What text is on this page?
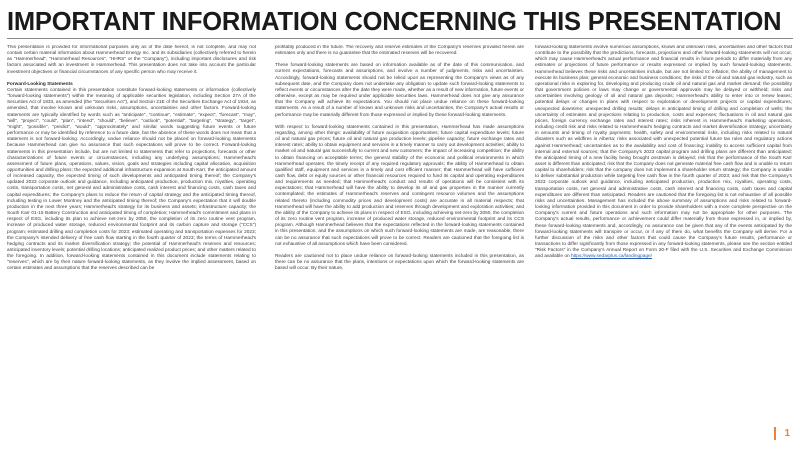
IMPORTANT INFORMATION CONCERNING THIS PRESENTATION

This presentation is provided for informational purposes only as of the date hereof, is not complete, and may not contain certain material information about Hammerhead Energy Inc. and its subsidiaries (collectively referred to herein as "Hammerhead", "Hammerhead Resources", "HHRS" or the "Company"), including important disclosures and risk factors associated with an investment in Hammerhead. This presentation does not take into account the particular investment objectives or financial circumstances of any specific person who may receive it.

Forward-Looking Statements

Certain statements contained in this presentation constitute forward-looking statements or information (collectively "forward-looking statements") within the meaning of applicable securities legislation, including Section 27A of the Securities Act of 1933, as amended (the "Securities Act"), and Section 21E of the Securities Exchange Act of 1934, as amended, that involve known and unknown risks, assumptions, uncertainties and other factors. Forward-looking statements are typically identified by words such as "anticipate", "continue", "estimate", "expect", "forecast", "may", "will", "project", "could", "plan", "intend", "should", "believe", "outlook", "potential", "targeting", "strategy", "target", "might", "possible", "predict", "would", "approximately" and similar words suggesting future events or future performance or may be identified by reference to a future date, but the absence of these words does not mean that a statement is not forward-looking. Accordingly, undue reliance should not be placed on forward-looking statements because Hammerhead can give no assurance that such expectations will prove to be correct. Forward-looking statements in this presentation include, but are not limited to statements that refer to projections, forecasts or other characterizations of future events or circumstances, including any underlying assumptions; Hammerhead's assessment of future plans, operations, values, vision, goals and strategies including capital allocation, acquisition opportunities and drilling plans; the expected additional infrastructure expansion at South Karr, the anticipated amount of increased capacity, the expected timing of such developments and anticipated timing thereof; the Company's updated 2023 corporate outlook and guidance, including anticipated production, production mix, royalties, operating costs, transportation costs, net general and administrative costs, cash interest and financing costs, cash taxes and capital expenditures; the Company's plans to reduce the return of capital strategy and the anticipated timing thereof, including testing in Lower Montney and the anticipated timing thereof; the Company's expectation that it will double production in the next three years; Hammerhead's strategy for its business and assets; infrastructure capacity; the South Karr 01-15 Battery Construction and anticipated timing of completion; Hammerhead's commitment and plans in respect of ESG, including its plan to achieve net-zero by 2050, the completion of its zero routine vent program, increase of produced water storage, reduced environmental footprint and its carbon capture and storage ("CCS") program; estimated drilling and completion costs for 2023; estimated operating and transportation expenses for 2023; the Company's intended delivery of free cash flow starting in the fourth quarter of 2023; the terms of Hammerhead's hedging contracts and its market diversification strategy; the potential of Hammerhead's reserves and resources; anticipated inventory levels; potential drilling locations; anticipated realized product prices; and other matters related to the foregoing. In addition, forward-looking statements contained in this document include statements relating to "reserves", which are by their nature forward-looking statements, as they involve the implied assessment, based on certain estimates and assumptions that the reserves described can be

profitably produced in the future. The recovery and reserve estimates of the Company's reserves provided herein are estimates only and there is no guarantee that the estimated reserves will be recovered.

These forward-looking statements are based on information available as of the date of this communication, and current expectations, forecasts and assumptions, and involve a number of judgments, risks and uncertainties. Accordingly, forward-looking statements should not be relied upon as representing the Company's views as of any subsequent date, and the Company does not undertake any obligation to update such forward-looking statements to reflect events or circumstances after the date they were made, whether as a result of new information, future events or otherwise, except as may be required under applicable securities laws. Hammerhead does not give any assurance that the Company will achieve its expectations. You should not place undue reliance on these forward-looking statements. As a result of a number of known and unknown risks and uncertainties, the Company's actual results or performance may be materially different from those expressed or implied by these forward-looking statements.

With respect to forward-looking statements contained in this presentation, Hammerhead has made assumptions regarding, among other things: availability of future acquisition opportunities; future capital expenditure levels; future oil and natural gas prices; future oil and natural gas production levels; pipeline capacity; future exchange rates and interest rates; ability to obtain equipment and services in a timely manner to carry out development activities; ability to market oil and natural gas successfully to current and new customers; the impact of increasing competition; the ability to obtain financing on acceptable terms; the general stability of the economic and political environments in which Hammerhead operates; the timely receipt of any required regulatory approvals; the ability of Hammerhead to obtain qualified staff, equipment and services in a timely and cost efficient manner; that Hammerhead will have sufficient cash flow, debt or equity sources or other financial resources required to fund its capital and operating expenditures and requirements as needed; that Hammerhead's conduct and results of operations will be consistent with its expectations; that Hammerhead will have the ability to develop its oil and gas properties in the manner currently contemplated; the estimates of Hammerhead's reserves and contingent resource volumes and the assumptions related thereto (including commodity prices and development costs) are accurate in all material respects; that Hammerhead will have the ability to add production and reserves through development and exploration activities; and the ability of the Company to achieve its plans in respect of ESG, including achieving net-zero by 2050, the completion of its zero routine vent program, increase of produced water storage, reduced environmental footprint and its CCS program. Although Hammerhead believes that the expectations reflected in the forward-looking statements contained in this presentation, and the assumptions on which such forward-looking statements are made, are reasonable, there can be no assurance that such expectations will prove to be correct. Readers are cautioned that the foregoing list is not exhaustive of all assumptions which have been considered.

Readers are cautioned not to place undue reliance on forward-looking statements included in this presentation, as there can be no assurance that the plans, intentions or expectations upon which the forward-looking statements are based will occur. By their nature,

forward-looking statements involve numerous assumptions, known and unknown risks, uncertainties and other factors that contribute to the possibility that the predictions, forecasts, projections and other forward-looking statements will not occur, which may cause Hammerhead's actual performance and financial results in future periods to differ materially from any estimates or projections of future performance or results expressed or implied by such forward-looking statements. Hammerhead believes these risks and uncertainties include, but are not limited to: inflation; the ability of management to execute its business plan; general economic and business conditions; the risks of the oil and natural gas industry, such as operational risks in exploring for, developing and producing crude oil and natural gas and market demand; the possibility that government policies or laws may change or governmental approvals may be delayed or withheld; risks and uncertainties involving geology of oil and natural gas deposits; Hammerhead's ability to enter into or renew leases; potential delays or changes in plans with respect to exploration or development projects or capital expenditures; unexpected downtime; unexpected drilling results; delays in anticipated timing of drilling and completion of wells; the uncertainty of estimates and projections relating to production, costs and expenses; fluctuations in oil and natural gas prices, foreign currency exchange rates and interest rates; risks inherent in Hammerhead's marketing operations, including credit risk and risks related to Hammerhead's hedging contracts and market diversification strategy; uncertainty in amounts and timing of royalty payments; health, safety and environmental risks, including risks related to natural disasters such as wildfires in Alberta; risks associated with unexpected potential future tax rules and regulatory actions against Hammerhead; uncertainties as to the availability and cost of financing; inability to access sufficient capital from internal and external sources; that the Company's 2023 capital program and drilling plans are different than anticipated; the anticipated timing of a new facility being brought onstream is delayed; risk that the performance of the South Karr asset is different than anticipated; risk that the Company does not generate material free cash flow and is unable to return capital to shareholders; risk that the company does not implement a shareholder return strategy; the Company is unable to deliver substantial production while targeting free cash flow in the fourth quarter of 2023; and risk that the Company's 2023 corporate outlook and guidance, including anticipated production, production mix, royalties, operating costs, transportation costs, net general and administrative costs, cash interest and financing costs, cash taxes and capital expenditures are different than anticipated. Readers are cautioned that the foregoing list is not exhaustive of all possible risks and uncertainties. Management has included the above summary of assumptions and risks related to forward-looking information provided in this document in order to provide shareholders with a more complete perspective on the Company's current and future operations and such information may not be appropriate for other purposes. The Company's actual results, performance or achievement could differ materially from those expressed in, or implied by, these forward-looking statements and, accordingly, no assurance can be given that any of the events anticipated by the forward-looking statements will transpire or occur, or if any of them do, what benefits the Company will derive. For a further discussion of the risks and other factors that could cause the Company's future results, performance or transactions to differ significantly from those expressed in any forward-looking statements, please see the section entitled "Risk Factors" in the Company's Annual Report on Form 20-F filed with the U.S. Securities and Exchange Commission and available on https://www.sedarplus.ca/landingpage/

1
